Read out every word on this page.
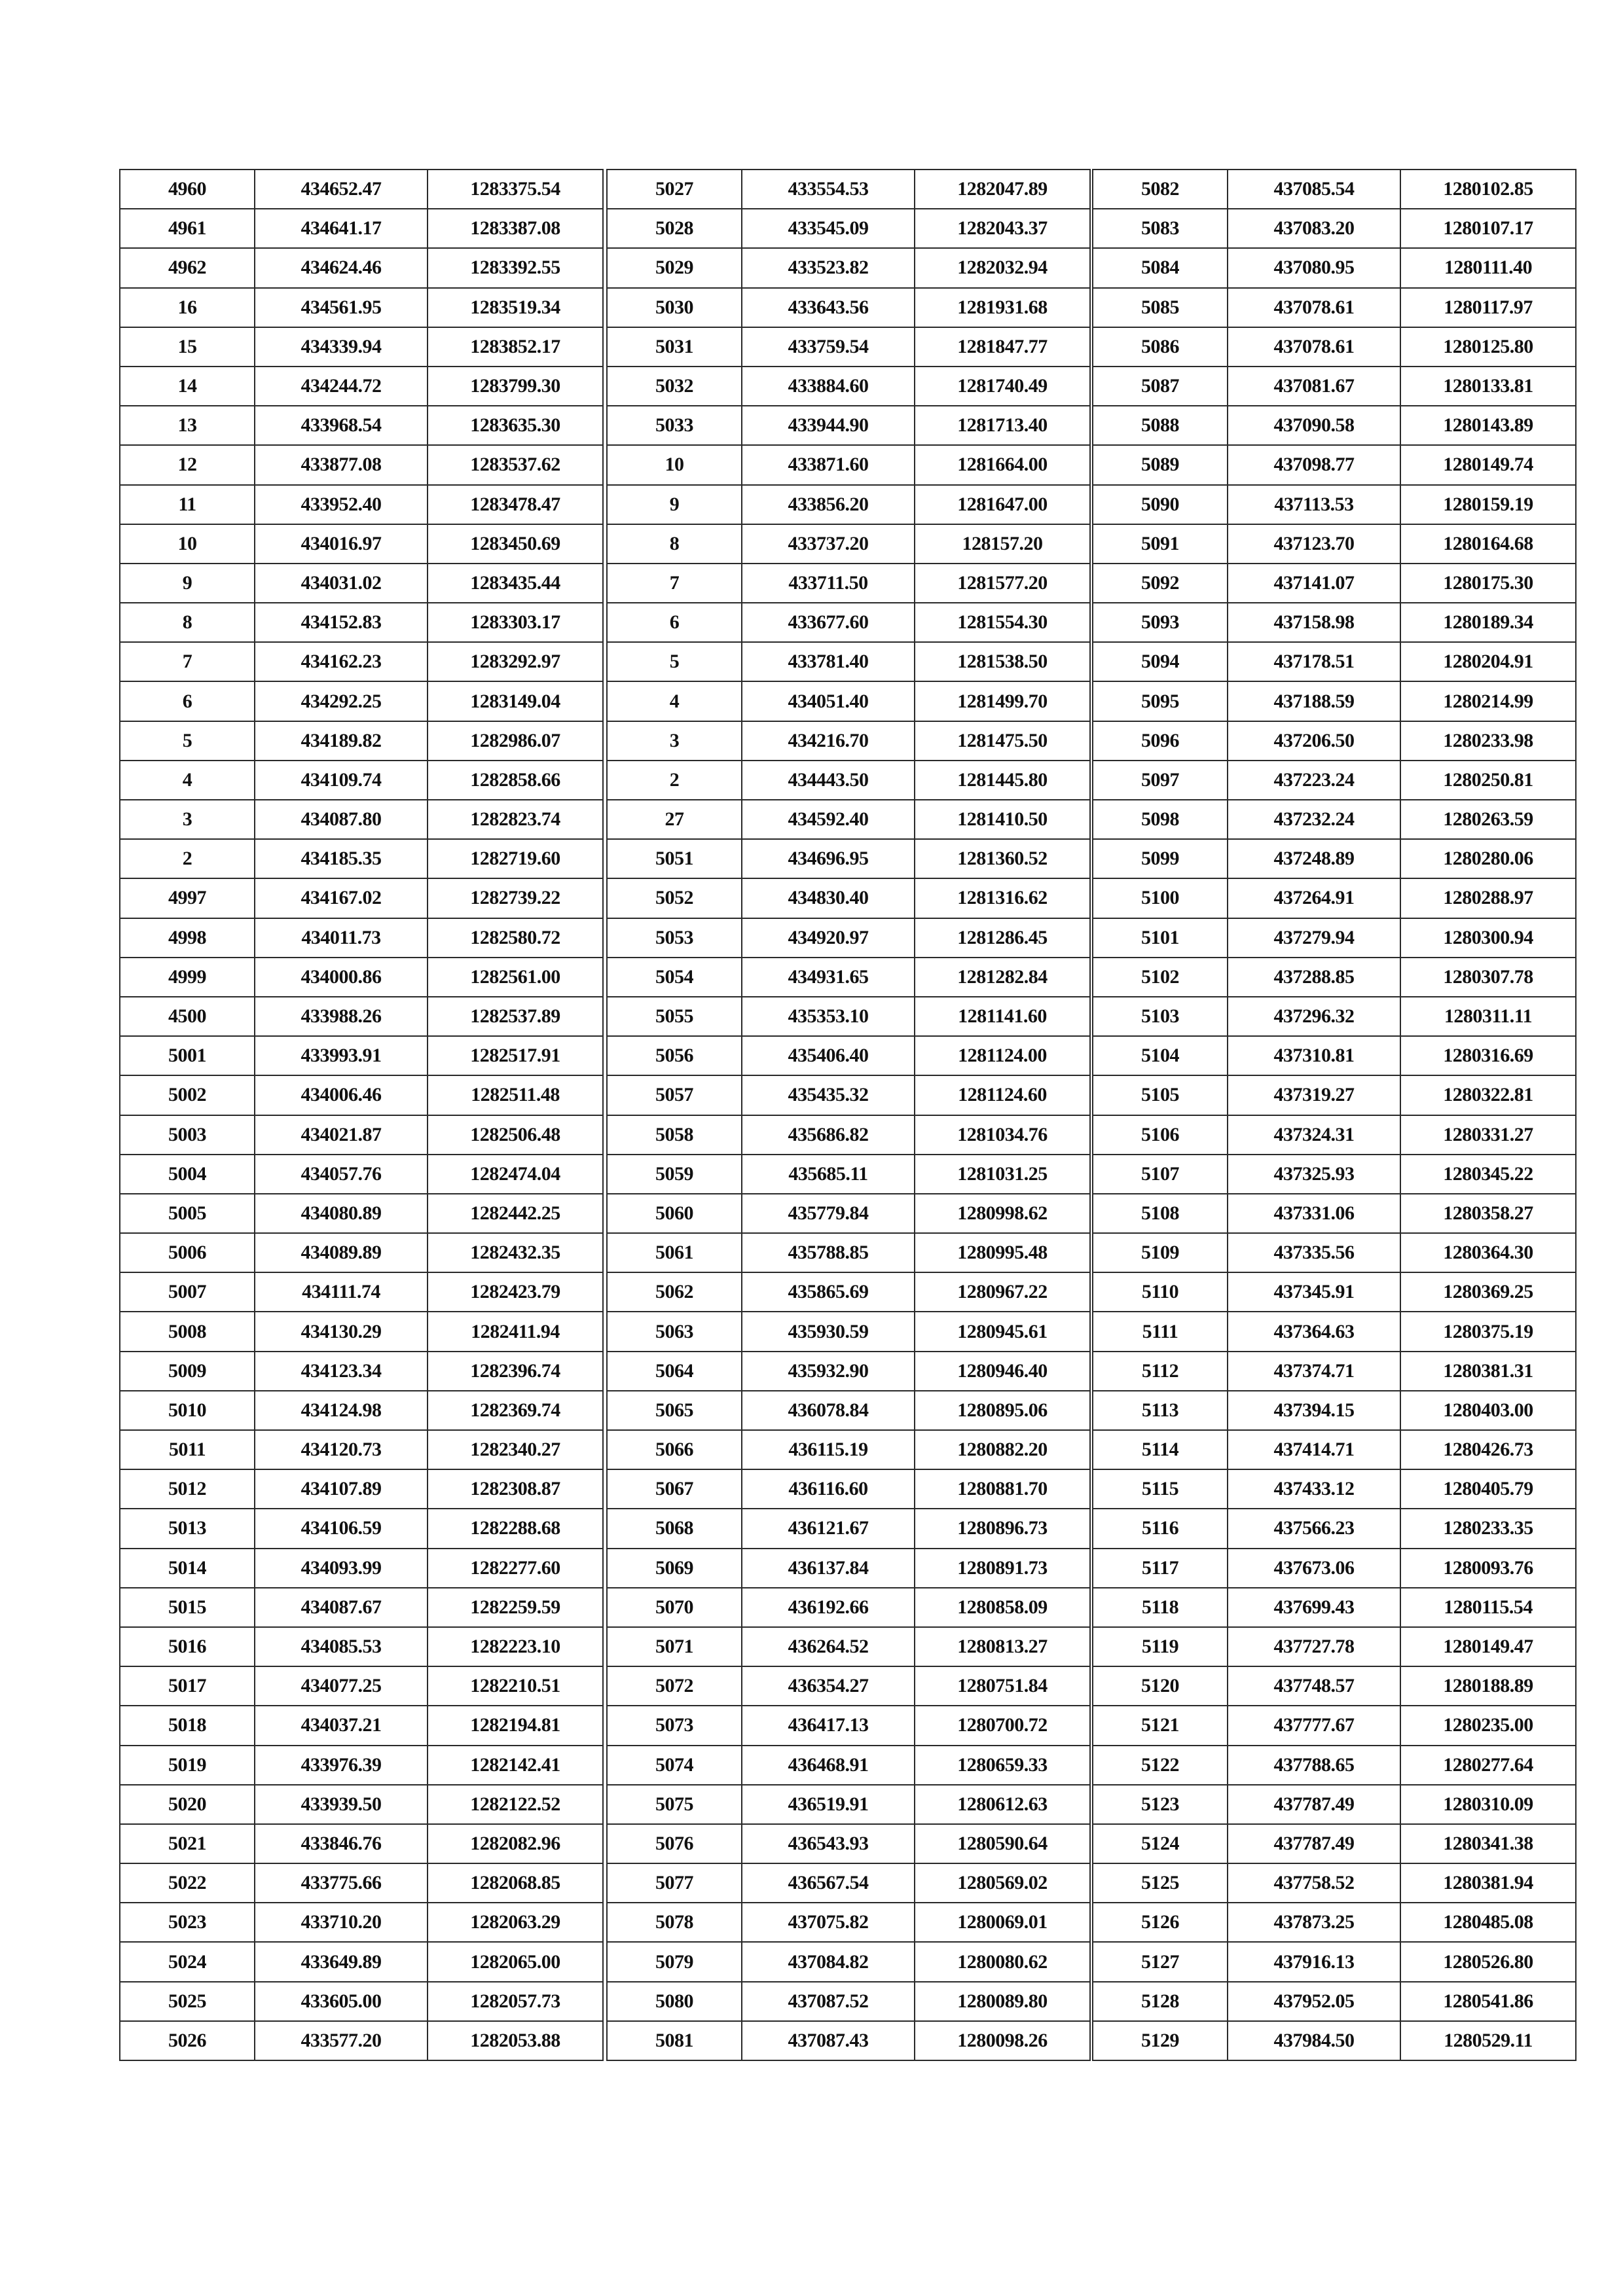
4960	434652.47	1283375.54
4961	434641.17	1283387.08
4962	434624.46	1283392.55
16	434561.95	1283519.34
15	434339.94	1283852.17
14	434244.72	1283799.30
13	433968.54	1283635.30
12	433877.08	1283537.62
11	433952.40	1283478.47
10	434016.97	1283450.69
9	434031.02	1283435.44
8	434152.83	1283303.17
7	434162.23	1283292.97
6	434292.25	1283149.04
5	434189.82	1282986.07
4	434109.74	1282858.66
3	434087.80	1282823.74
2	434185.35	1282719.60
4997	434167.02	1282739.22
4998	434011.73	1282580.72
4999	434000.86	1282561.00
4500	433988.26	1282537.89
5001	433993.91	1282517.91
5002	434006.46	1282511.48
5003	434021.87	1282506.48
5004	434057.76	1282474.04
5005	434080.89	1282442.25
5006	434089.89	1282432.35
5007	434111.74	1282423.79
5008	434130.29	1282411.94
5009	434123.34	1282396.74
5010	434124.98	1282369.74
5011	434120.73	1282340.27
5012	434107.89	1282308.87
5013	434106.59	1282288.68
5014	434093.99	1282277.60
5015	434087.67	1282259.59
5016	434085.53	1282223.10
5017	434077.25	1282210.51
5018	434037.21	1282194.81
5019	433976.39	1282142.41
5020	433939.50	1282122.52
5021	433846.76	1282082.96
5022	433775.66	1282068.85
5023	433710.20	1282063.29
5024	433649.89	1282065.00
5025	433605.00	1282057.73
5026	433577.20	1282053.88
5027	433554.53	1282047.89
5028	433545.09	1282043.37
5029	433523.82	1282032.94
5030	433643.56	1281931.68
5031	433759.54	1281847.77
5032	433884.60	1281740.49
5033	433944.90	1281713.40
10	433871.60	1281664.00
9	433856.20	1281647.00
8	433737.20	128157.20
7	433711.50	1281577.20
6	433677.60	1281554.30
5	433781.40	1281538.50
4	434051.40	1281499.70
3	434216.70	1281475.50
2	434443.50	1281445.80
27	434592.40	1281410.50
5051	434696.95	1281360.52
5052	434830.40	1281316.62
5053	434920.97	1281286.45
5054	434931.65	1281282.84
5055	435353.10	1281141.60
5056	435406.40	1281124.00
5057	435435.32	1281124.60
5058	435686.82	1281034.76
5059	435685.11	1281031.25
5060	435779.84	1280998.62
5061	435788.85	1280995.48
5062	435865.69	1280967.22
5063	435930.59	1280945.61
5064	435932.90	1280946.40
5065	436078.84	1280895.06
5066	436115.19	1280882.20
5067	436116.60	1280881.70
5068	436121.67	1280896.73
5069	436137.84	1280891.73
5070	436192.66	1280858.09
5071	436264.52	1280813.27
5072	436354.27	1280751.84
5073	436417.13	1280700.72
5074	436468.91	1280659.33
5075	436519.91	1280612.63
5076	436543.93	1280590.64
5077	436567.54	1280569.02
5078	437075.82	1280069.01
5079	437084.82	1280080.62
5080	437087.52	1280089.80
5081	437087.43	1280098.26
5082	437085.54	1280102.85
5083	437083.20	1280107.17
5084	437080.95	1280111.40
5085	437078.61	1280117.97
5086	437078.61	1280125.80
5087	437081.67	1280133.81
5088	437090.58	1280143.89
5089	437098.77	1280149.74
5090	437113.53	1280159.19
5091	437123.70	1280164.68
5092	437141.07	1280175.30
5093	437158.98	1280189.34
5094	437178.51	1280204.91
5095	437188.59	1280214.99
5096	437206.50	1280233.98
5097	437223.24	1280250.81
5098	437232.24	1280263.59
5099	437248.89	1280280.06
5100	437264.91	1280288.97
5101	437279.94	1280300.94
5102	437288.85	1280307.78
5103	437296.32	1280311.11
5104	437310.81	1280316.69
5105	437319.27	1280322.81
5106	437324.31	1280331.27
5107	437325.93	1280345.22
5108	437331.06	1280358.27
5109	437335.56	1280364.30
5110	437345.91	1280369.25
5111	437364.63	1280375.19
5112	437374.71	1280381.31
5113	437394.15	1280403.00
5114	437414.71	1280426.73
5115	437433.12	1280405.79
5116	437566.23	1280233.35
5117	437673.06	1280093.76
5118	437699.43	1280115.54
5119	437727.78	1280149.47
5120	437748.57	1280188.89
5121	437777.67	1280235.00
5122	437788.65	1280277.64
5123	437787.49	1280310.09
5124	437787.49	1280341.38
5125	437758.52	1280381.94
5126	437873.25	1280485.08
5127	437916.13	1280526.80
5128	437952.05	1280541.86
5129	437984.50	1280529.11
